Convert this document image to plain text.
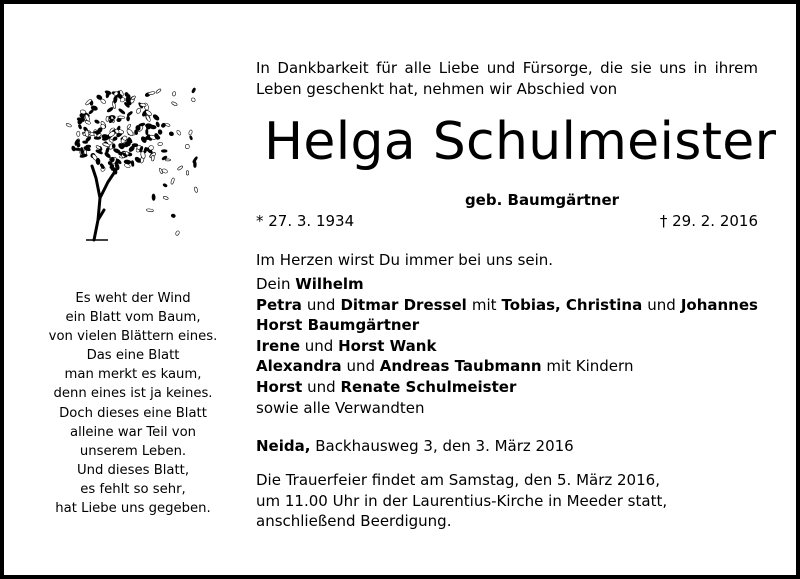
Es weht der Wind
ein Blatt vom Baum,
von vielen Blättern eines.
Das eine Blatt
man merkt es kaum,
denn eines ist ja keines.
Doch dieses eine Blatt
alleine war Teil von
unserem Leben.
Und dieses Blatt,
es fehlt so sehr,
hat Liebe uns gegeben.
In Dankbarkeit für alle Liebe und Fürsorge, die sie uns in ihrem
Leben geschenkt hat, nehmen wir Abschied von
Helga Schulmeister
geb. Baumgärtner
* 27. 3. 1934	† 29. 2. 2016
Im Herzen wirst Du immer bei uns sein.
Dein Wilhelm
Petra und Ditmar Dressel mit Tobias, Christina und Johannes
Horst Baumgärtner
Irene und Horst Wank
Alexandra und Andreas Taubmann mit Kindern
Horst und Renate Schulmeister
sowie alle Verwandten
Neida, Backhausweg 3, den 3. März 2016
Die Trauerfeier findet am Samstag, den 5. März 2016,
um 11.00 Uhr in der Laurentius-Kirche in Meeder statt,
anschließend Beerdigung.
